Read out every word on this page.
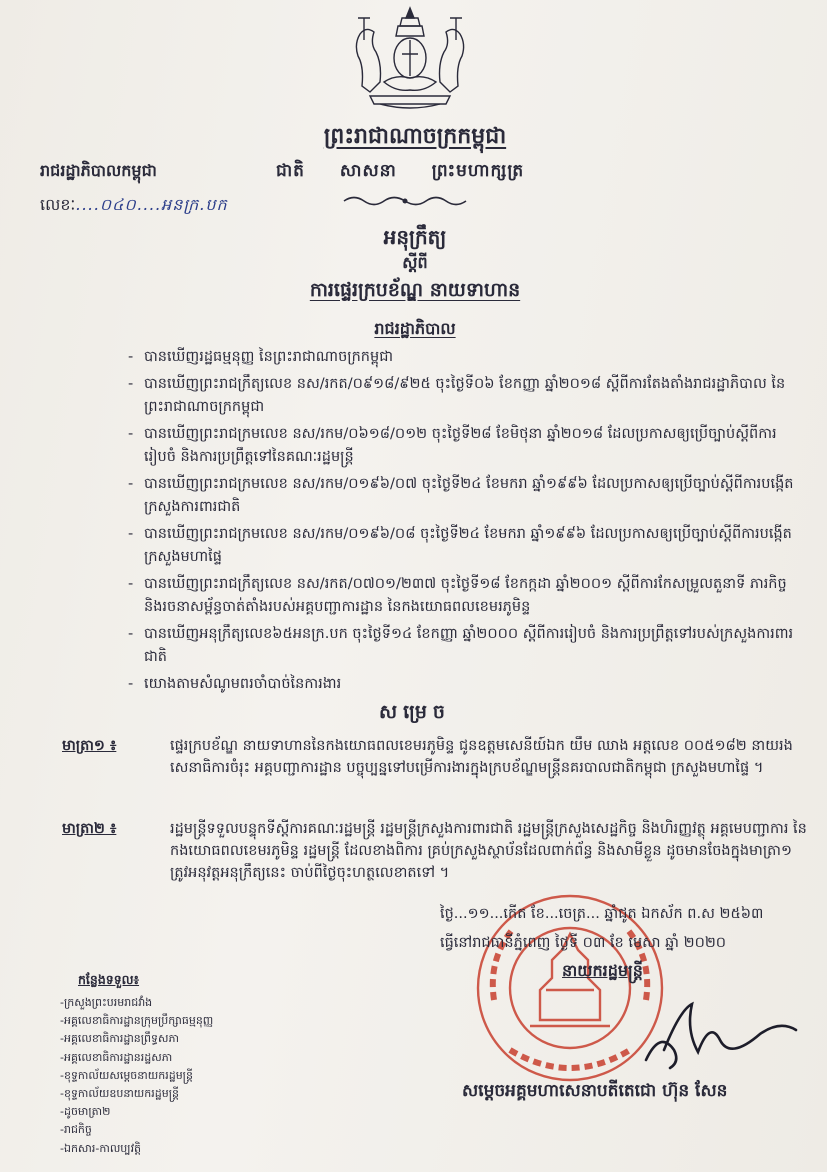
ព្រះរាជាណាចក្រកម្ពុជា
ជាតិ សាសនា ព្រះមហាក្សត្រ
រាជរដ្ឋាភិបាលកម្ពុជា
លេខៈ....០៤០....អនក្រ.បក
អនុក្រឹត្យ
ស្តីពី
ការផ្ទេរក្របខ័ណ្ឌ នាយទាហាន
រាជរដ្ឋាភិបាល
- បានឃើញរដ្ឋធម្មនុញ្ញ នៃព្រះរាជាណាចក្រកម្ពុជា
- បានឃើញព្រះរាជក្រឹត្យលេខ នស/រកត/០៩១៨/៩២៥ ចុះថ្ងៃទី០៦ ខែកញ្ញា ឆ្នាំ២០១៨ ស្តីពីការតែងតាំងរាជរដ្ឋាភិបាល នៃព្រះរាជាណាចក្រកម្ពុជា
- បានឃើញព្រះរាជក្រមលេខ នស/រកម/០៦១៨/០១២ ចុះថ្ងៃទី២៨ ខែមិថុនា ឆ្នាំ២០១៨ ដែលប្រកាសឲ្យប្រើច្បាប់ស្តីពីការរៀបចំ និងការប្រព្រឹត្តទៅនៃគណៈរដ្ឋមន្ត្រី
- បានឃើញព្រះរាជក្រមលេខ នស/រកម/០១៩៦/០៧ ចុះថ្ងៃទី២៤ ខែមករា ឆ្នាំ១៩៩៦ ដែលប្រកាសឲ្យប្រើច្បាប់ស្តីពីការបង្កើតក្រសួងការពារជាតិ
- បានឃើញព្រះរាជក្រមលេខ នស/រកម/០១៩៦/០៨ ចុះថ្ងៃទី២៤ ខែមករា ឆ្នាំ១៩៩៦ ដែលប្រកាសឲ្យប្រើច្បាប់ស្តីពីការបង្កើតក្រសួងមហាផ្ទៃ
- បានឃើញព្រះរាជក្រឹត្យលេខ នស/រកត/០៧០១/២៣៧ ចុះថ្ងៃទី១៨ ខែកក្កដា ឆ្នាំ២០០១ ស្តីពីការកែសម្រួលតួនាទី ភារកិច្ច និងរចនាសម្ព័ន្ធចាត់តាំងរបស់អគ្គបញ្ជាការដ្ឋាន នៃកងយោធពលខេមរភូមិន្ទ
- បានឃើញអនុក្រឹត្យលេខ៦៥អនក្រ.បក ចុះថ្ងៃទី១៤ ខែកញ្ញា ឆ្នាំ២០០០ ស្តីពីការរៀបចំ និងការប្រព្រឹត្តទៅរបស់ក្រសួងការពារជាតិ
- យោងតាមសំណូមពរចាំបាច់នៃការងារ
សម្រេច
មាត្រា១ ៖	ផ្ទេរក្របខ័ណ្ឌ នាយទាហាននៃកងយោធពលខេមរភូមិន្ទ ជូនឧត្តមសេនីយ៍ឯក យឹម ឈាង អត្តលេខ ០០៥១៨២ នាយរងសេនាធិការចំរុះ អគ្គបញ្ជាការដ្ឋាន បច្ចុប្បន្នទៅបម្រើការងារក្នុងក្របខ័ណ្ឌមន្ត្រីនគរបាលជាតិកម្ពុជា ក្រសួងមហាផ្ទៃ ។
មាត្រា២ ៖	រដ្ឋមន្ត្រីទទួលបន្ទុកទីស្តីការគណៈរដ្ឋមន្ត្រី រដ្ឋមន្ត្រីក្រសួងការពារជាតិ រដ្ឋមន្ត្រីក្រសួងសេដ្ឋកិច្ច និងហិរញ្ញវត្ថុ អគ្គមេបញ្ជាការ នៃកងយោធពលខេមរភូមិន្ទ រដ្ឋមន្ត្រី ដែលខាងពិការ គ្រប់ក្រសួងស្ថាប័នដែលពាក់ព័ន្ធ និងសាមីខ្លួន ដូចមានចែងក្នុងមាត្រា១ ត្រូវអនុវត្តអនុក្រឹត្យនេះ ចាប់ពីថ្ងៃចុះហត្ថលេខាតទៅ ។
ថ្ងៃ...១១...កើត ខែ...ចេត្រ... ឆ្នាំជូត ឯកស័ក ព.ស ២៥៦៣
ធ្វើនៅរាជធានីភ្នំពេញ ថ្ងៃទី ០៣ ខែ មេសា ឆ្នាំ ២០២០
នាយករដ្ឋមន្ត្រី
សម្តេចអគ្គមហាសេនាបតីតេជោ ហ៊ុន សែន
កន្លែងទទួល៖
-ក្រសួងព្រះបរមរាជវាំង
-អគ្គលេខាធិការដ្ឋានក្រុមប្រឹក្សាធម្មនុញ្ញ
-អគ្គលេខាធិការដ្ឋានព្រឹទ្ធសភា
-អគ្គលេខាធិការដ្ឋានរដ្ឋសភា
-ខុទ្ទកាល័យសម្តេចនាយករដ្ឋមន្ត្រី
-ខុទ្ទកាល័យឧបនាយករដ្ឋមន្ត្រី
-ដូចមាត្រា២
-រាជកិច្ច
-ឯកសារ-កាលប្បវត្តិ
